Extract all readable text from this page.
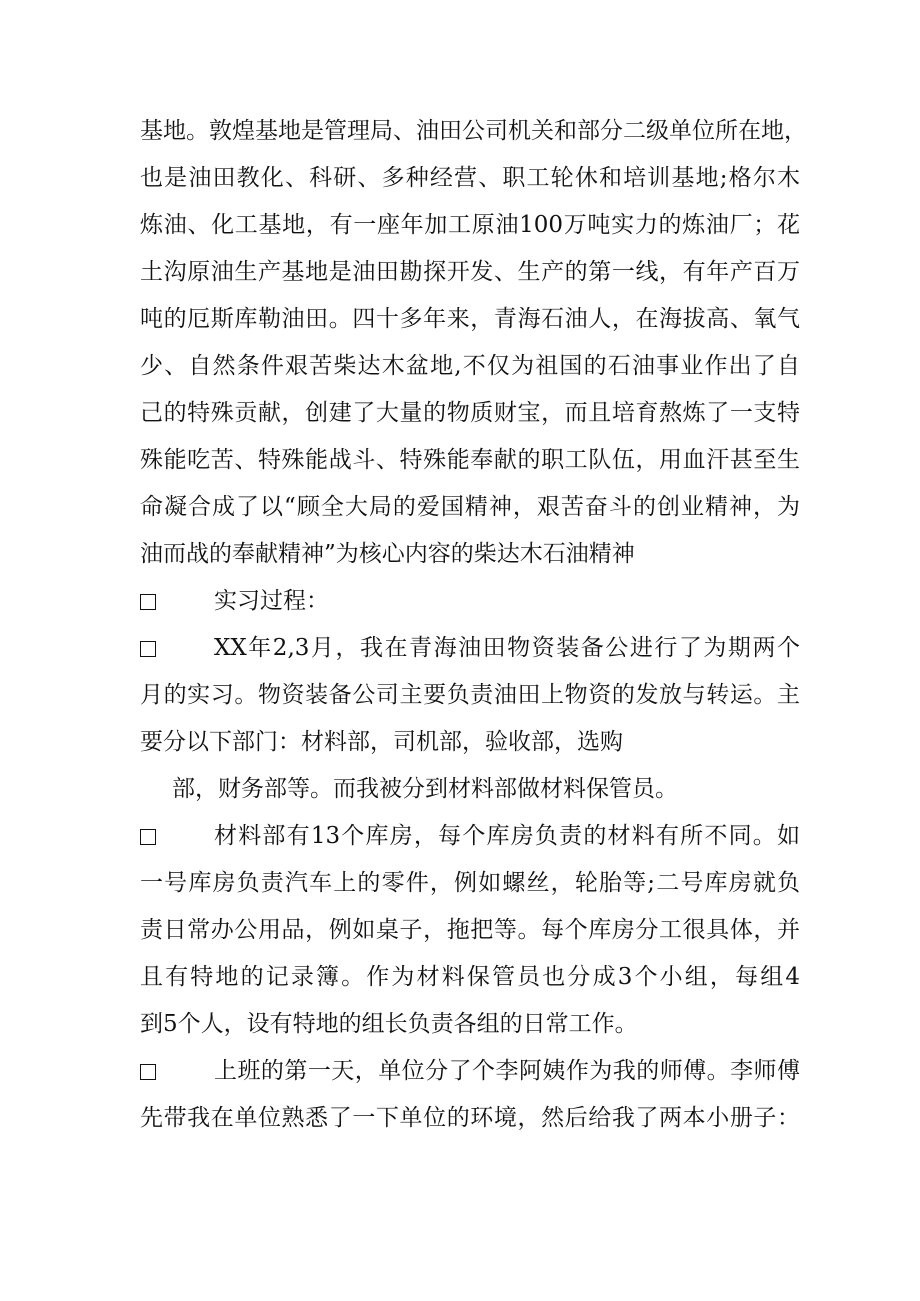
基地。敦煌基地是管理局、油田公司机关和部分二级单位所在地，
也是油田教化、科研、多种经营、职工轮休和培训基地;格尔木
炼油、化工基地，有一座年加工原油100万吨实力的炼油厂；花
土沟原油生产基地是油田勘探开发、生产的第一线，有年产百万
吨的厄斯库勒油田。四十多年来，青海石油人，在海拔高、氧气
少、自然条件艰苦柴达木盆地,不仅为祖国的石油事业作出了自
己的特殊贡献，创建了大量的物质财宝，而且培育熬炼了一支特
殊能吃苦、特殊能战斗、特殊能奉献的职工队伍，用血汗甚至生
命凝合成了以“顾全大局的爱国精神，艰苦奋斗的创业精神，为
油而战的奉献精神”为核心内容的柴达木石油精神
实习过程：
XX年2,3月，我在青海油田物资装备公进行了为期两个
月的实习。物资装备公司主要负责油田上物资的发放与转运。主
要分以下部门：材料部，司机部，验收部，选购
部，财务部等。而我被分到材料部做材料保管员。
材料部有13个库房，每个库房负责的材料有所不同。如
一号库房负责汽车上的零件，例如螺丝，轮胎等;二号库房就负
责日常办公用品，例如桌子，拖把等。每个库房分工很具体，并
且有特地的记录簿。作为材料保管员也分成3个小组，每组4
到5个人，设有特地的组长负责各组的日常工作。
上班的第一天，单位分了个李阿姨作为我的师傅。李师傅
先带我在单位熟悉了一下单位的环境，然后给我了两本小册子：
